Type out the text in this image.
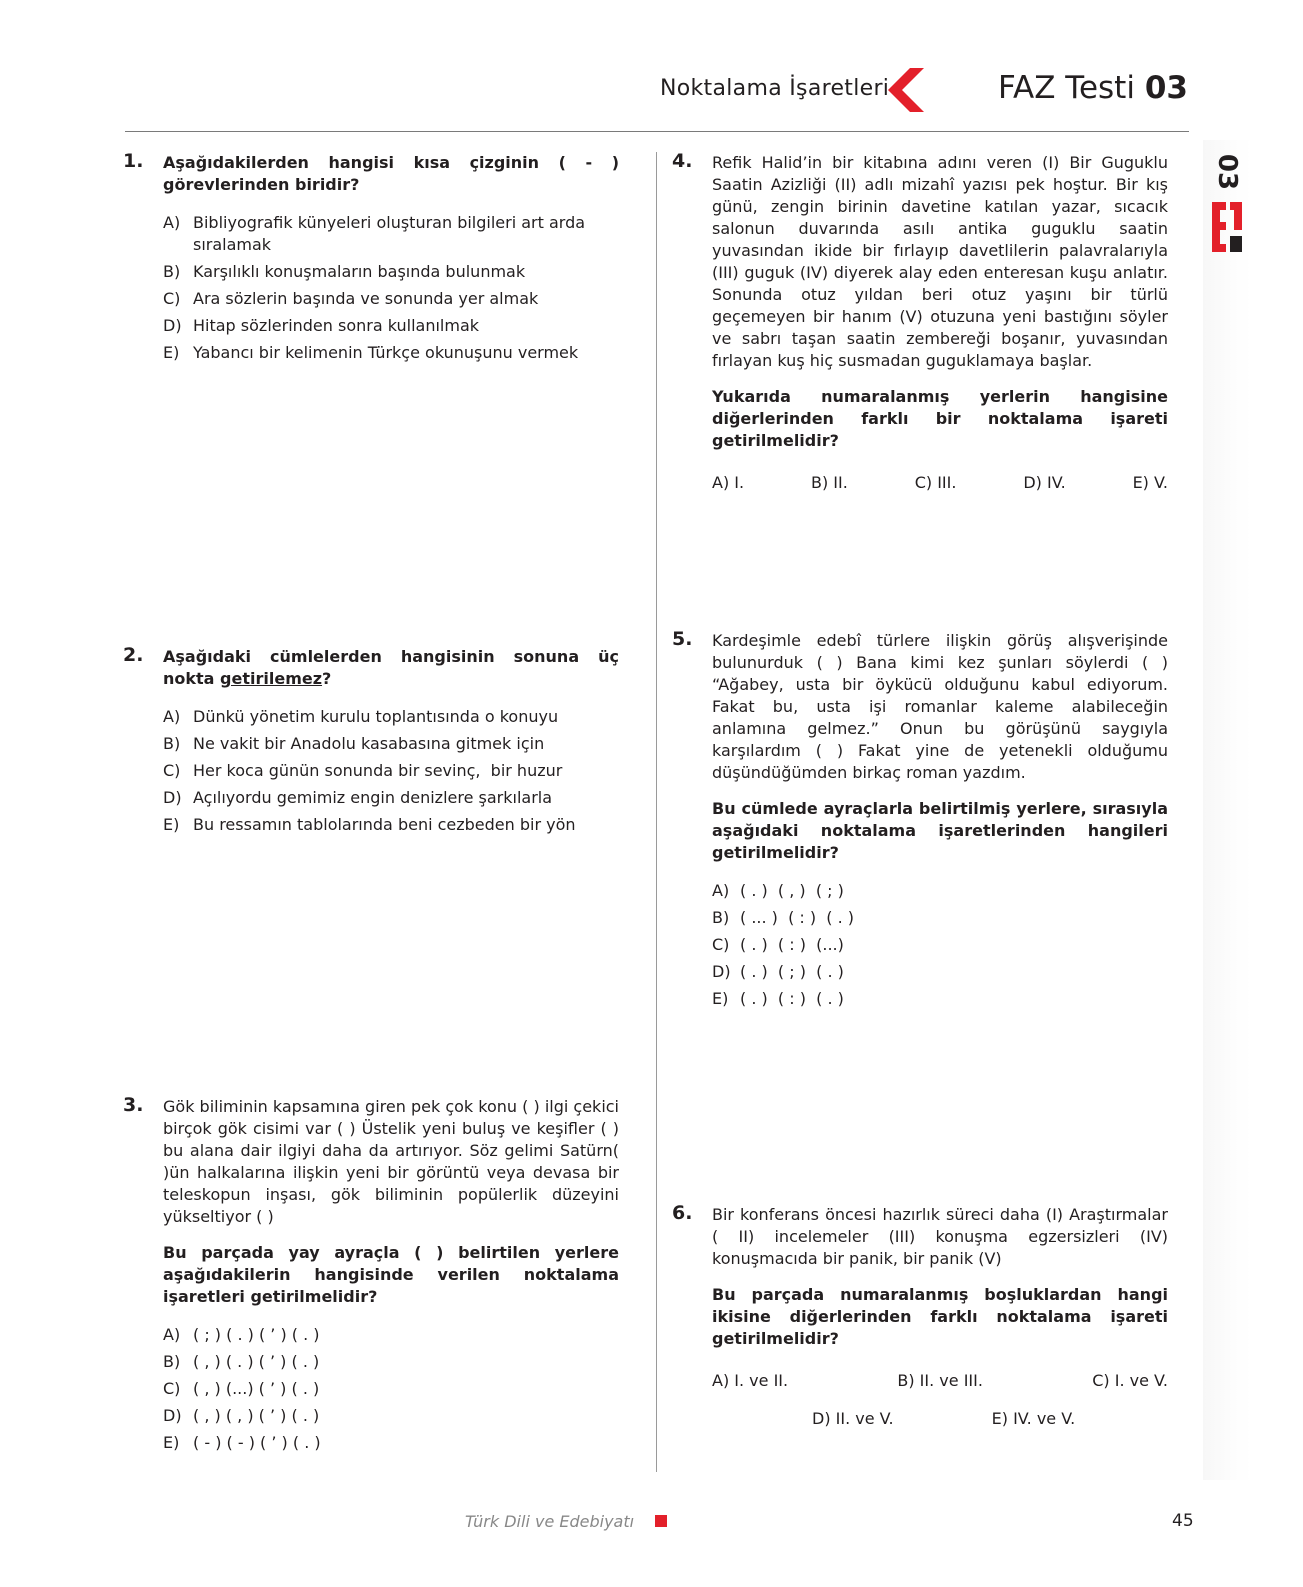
Noktalama İşaretleri	FAZ Testi 03
03
1. Aşağıdakilerden hangisi kısa çizginin ( - ) görevlerinden biridir?

A) Bibliyografik künyeleri oluşturan bilgileri art arda sıralamak
B) Karşılıklı konuşmaların başında bulunmak
C) Ara sözlerin başında ve sonunda yer almak
D) Hitap sözlerinden sonra kullanılmak
E) Yabancı bir kelimenin Türkçe okunuşunu vermek
2. Aşağıdaki cümlelerden hangisinin sonuna üç nokta getirilemez?

A) Dünkü yönetim kurulu toplantısında o konuyu
B) Ne vakit bir Anadolu kasabasına gitmek için
C) Her koca günün sonunda bir sevinç,  bir huzur
D) Açılıyordu gemimiz engin denizlere şarkılarla
E) Bu ressamın tablolarında beni cezbeden bir yön
3. Gök biliminin kapsamına giren pek çok konu ( ) ilgi çekici birçok gök cisimi var ( ) Üstelik yeni buluş ve keşifler ( ) bu alana dair ilgiyi daha da artırıyor. Söz gelimi Satürn( )ün halkalarına ilişkin yeni bir görüntü veya devasa bir teleskopun inşası, gök biliminin popülerlik düzeyini yükseltiyor ( )

Bu parçada yay ayraçla ( ) belirtilen yerlere aşağıdakilerin hangisinde verilen noktalama işaretleri getirilmelidir?

A) ( ; ) ( . ) ( ’ ) ( . )
B) ( , ) ( . ) ( ’ ) ( . )
C) ( , ) (...) ( ’ ) ( . )
D) ( , ) ( , ) ( ’ ) ( . )
E) ( - ) ( - ) ( ’ ) ( . )
4. Refik Halid’in bir kitabına adını veren (I) Bir Guguklu Saatin Azizliği (II) adlı mizahî yazısı pek hoştur. Bir kış günü, zengin birinin davetine katılan yazar, sıcacık salonun duvarında asılı antika guguklu saatin yuvasından ikide bir fırlayıp davetlilerin palavralarıyla (III) guguk (IV) diyerek alay eden enteresan kuşu anlatır. Sonunda otuz yıldan beri otuz yaşını bir türlü geçemeyen bir hanım (V) otuzuna yeni bastığını söyler ve sabrı taşan saatin zembereği boşanır, yuvasından fırlayan kuş hiç susmadan guguklamaya başlar.

Yukarıda numaralanmış yerlerin hangisine diğerlerinden farklı bir noktalama işareti getirilmelidir?

A) I.	B) II.	C) III.	D) IV.	E) V.
5. Kardeşimle edebî türlere ilişkin görüş alışverişinde bulunurduk ( ) Bana kimi kez şunları söylerdi ( ) “Ağabey, usta bir öykücü olduğunu kabul ediyorum. Fakat bu, usta işi romanlar kaleme alabileceğin anlamına gelmez.” Onun bu görüşünü saygıyla karşılardım ( ) Fakat yine de yetenekli olduğumu düşündüğümden birkaç roman yazdım.

Bu cümlede ayraçlarla belirtilmiş yerlere, sırasıyla aşağıdaki noktalama işaretlerinden hangileri getirilmelidir?

A) ( . )  ( , )  ( ; )
B) ( ... )  ( : )  ( . )
C) ( . )  ( : )  (...)
D) ( . )  ( ; )  ( . )
E) ( . )  ( : )  ( . )
6. Bir konferans öncesi hazırlık süreci daha (I) Araştırmalar ( II) incelemeler (III) konuşma egzersizleri (IV) konuşmacıda bir panik, bir panik (V)

Bu parçada numaralanmış boşluklardan hangi ikisine diğerlerinden farklı noktalama işareti getirilmelidir?

A) I. ve II.	B) II. ve III.	C) I. ve V.
D) II. ve V.	E) IV. ve V.
Türk Dili ve Edebiyatı	45
